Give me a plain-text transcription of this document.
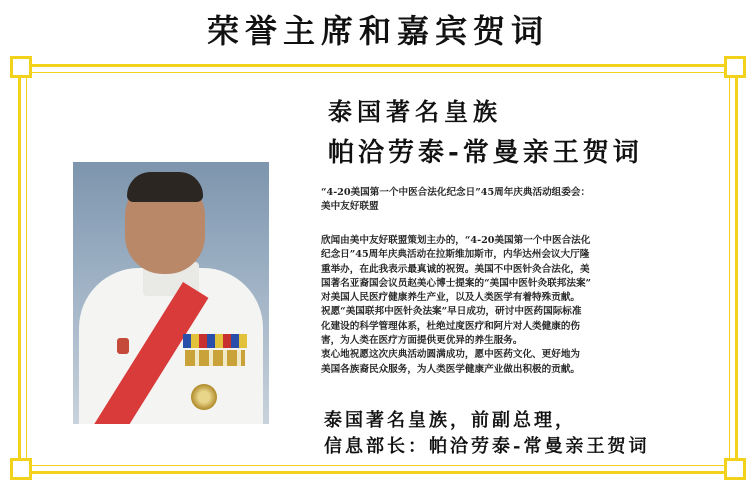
荣誉主席和嘉宾贺词
泰国著名皇族
帕洽劳泰-常曼亲王贺词
“4-20美国第一个中医合法化纪念日”45周年庆典活动组委会：
美中友好联盟
欣闻由美中友好联盟策划主办的，“4-20美国第一个中医合法化
纪念日”45周年庆典活动在拉斯维加斯市，内华达州会议大厅隆
重举办，在此我表示最真诚的祝贺。美国不中医针灸合法化，美
国著名亚裔国会议员赵美心博士提案的“美国中医针灸联邦法案”
对美国人民医疗健康养生产业，以及人类医学有着特殊贡献。
祝愿“美国联邦中医针灸法案”早日成功，研讨中医药国际标准
化建设的科学管理体系，杜绝过度医疗和阿片对人类健康的伤
害，为人类在医疗方面提供更优异的养生服务。
衷心地祝愿这次庆典活动圆满成功，愿中医药文化、更好地为
美国各族裔民众服务，为人类医学健康产业做出积极的贡献。
泰国著名皇族，前副总理，
信息部长：帕洽劳泰-常曼亲王贺词
